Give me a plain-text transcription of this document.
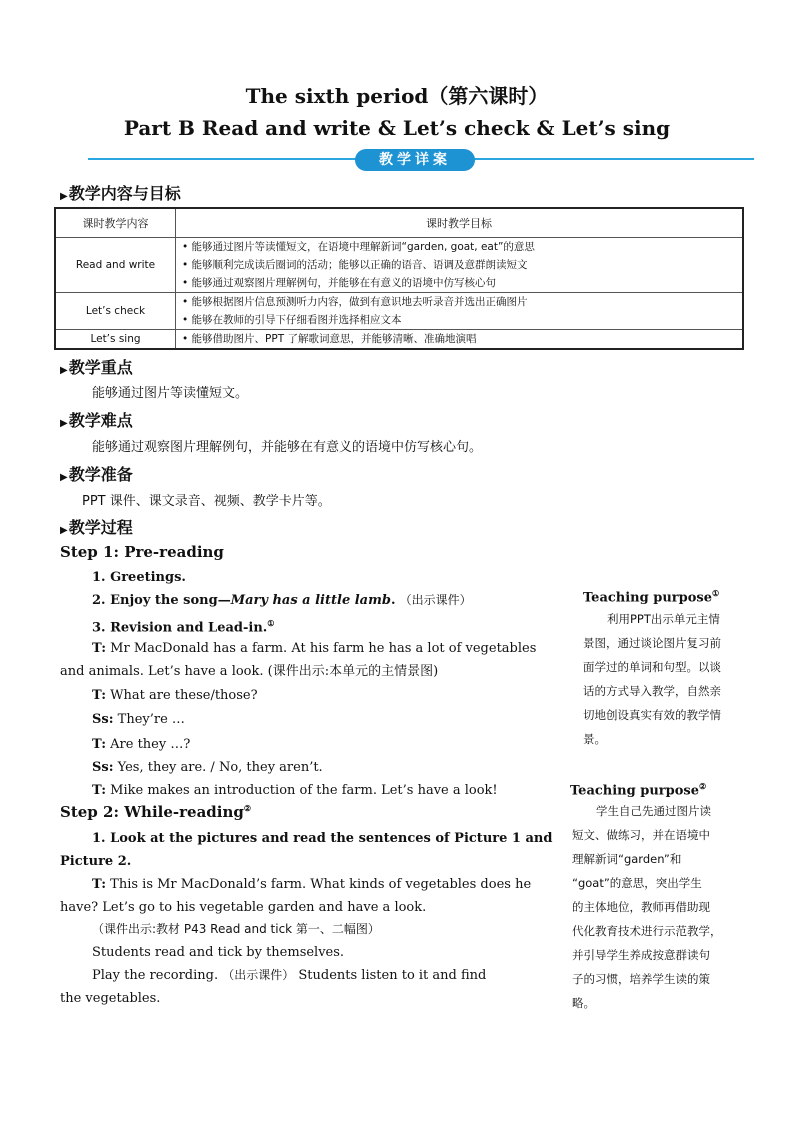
The sixth period（第六课时）
Part B Read and write & Let’s check & Let’s sing
教学详案
▶教学内容与目标
课时教学内容	课时教学目标
Read and write	• 能够通过图片等读懂短文，在语境中理解新词“garden, goat, eat”的意思
• 能够顺利完成读后圈词的活动；能够以正确的语音、语调及意群朗读短文
• 能够通过观察图片理解例句，并能够在有意义的语境中仿写核心句

Let’s check	• 能够根据图片信息预测听力内容，做到有意识地去听录音并选出正确图片
• 能够在教师的引导下仔细看图并选择相应文本

Let’s sing	• 能够借助图片、PPT 了解歌词意思，并能够清晰、准确地演唱
▶教学重点
能够通过图片等读懂短文。
▶教学难点
能够通过观察图片理解例句，并能够在有意义的语境中仿写核心句。
▶教学准备
PPT 课件、课文录音、视频、教学卡片等。
▶教学过程
Step 1: Pre-reading
1. Greetings.
2. Enjoy the song—Mary has a little lamb. （出示课件）
3. Revision and Lead-in.①
T: Mr MacDonald has a farm. At his farm he has a lot of vegetables
and animals. Let’s have a look. (课件出示:本单元的主情景图)
T: What are these/those?
Ss: They’re …
T: Are they …?
Ss: Yes, they are. / No, they aren’t.
T: Mike makes an introduction of the farm. Let’s have a look!
Step 2: While-reading②
1. Look at the pictures and read the sentences of Picture 1 and
Picture 2.
T: This is Mr MacDonald’s farm. What kinds of vegetables does he
have? Let’s go to his vegetable garden and have a look.
（课件出示:教材 P43 Read and tick 第一、二幅图）
Students read and tick by themselves.
Play the recording. （出示课件） Students listen to it and find
the vegetables.
Teaching purpose①
利用PPT出示单元主情
景图，通过谈论图片复习前
面学过的单词和句型。以谈
话的方式导入教学，自然亲
切地创设真实有效的教学情
景。
Teaching purpose②
学生自己先通过图片读
短文、做练习，并在语境中
理解新词“garden”和
“goat”的意思，突出学生
的主体地位，教师再借助现
代化教育技术进行示范教学，
并引导学生养成按意群读句
子的习惯，培养学生读的策
略。
